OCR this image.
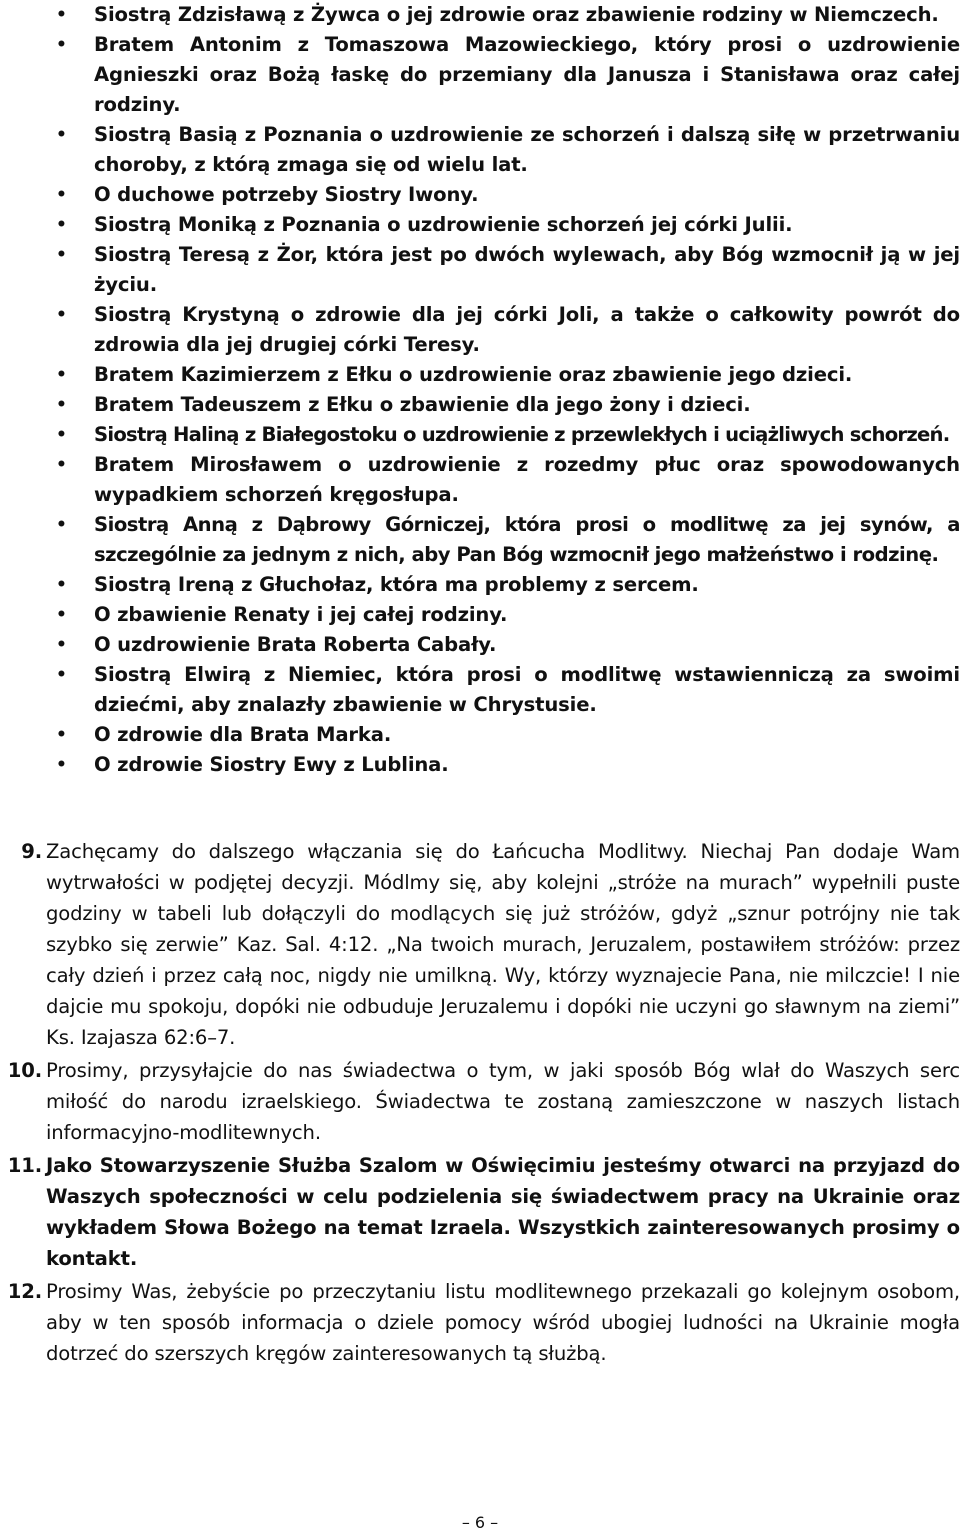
• Siostrą Zdzisławą z Żywca o jej zdrowie oraz zbawienie rodziny w Niemczech.
• Bratem Antonim z Tomaszowa Mazowieckiego, który prosi o uzdrowienie Agnieszki oraz Bożą łaskę do przemiany dla Janusza i Stanisława oraz całej rodziny.
• Siostrą Basią z Poznania o uzdrowienie ze schorzeń i dalszą siłę w przetrwaniu choroby, z którą zmaga się od wielu lat.
• O duchowe potrzeby Siostry Iwony.
• Siostrą Moniką z Poznania o uzdrowienie schorzeń jej córki Julii.
• Siostrą Teresą z Żor, która jest po dwóch wylewach, aby Bóg wzmocnił ją w jej życiu.
• Siostrą Krystyną o zdrowie dla jej córki Joli, a także o całkowity powrót do zdrowia dla jej drugiej córki Teresy.
• Bratem Kazimierzem z Ełku o uzdrowienie oraz zbawienie jego dzieci.
• Bratem Tadeuszem z Ełku o zbawienie dla jego żony i dzieci.
• Siostrą Haliną z Białegostoku o uzdrowienie z przewlekłych i uciążliwych schorzeń.
• Bratem Mirosławem o uzdrowienie z rozedmy płuc oraz spowodowanych wypadkiem schorzeń kręgosłupa.
• Siostrą Anną z Dąbrowy Górniczej, która prosi o modlitwę za jej synów, a szczególnie za jednym z nich, aby Pan Bóg wzmocnił jego małżeństwo i rodzinę.
• Siostrą Ireną z Głuchołaz, która ma problemy z sercem.
• O zbawienie Renaty i jej całej rodziny.
• O uzdrowienie Brata Roberta Cabały.
• Siostrą Elwirą z Niemiec, która prosi o modlitwę wstawienniczą za swoimi dziećmi, aby znalazły zbawienie w Chrystusie.
• O zdrowie dla Brata Marka.
• O zdrowie Siostry Ewy z Lublina.
9. Zachęcamy do dalszego włączania się do Łańcucha Modlitwy. Niechaj Pan dodaje Wam wytrwałości w podjętej decyzji. Módlmy się, aby kolejni „stróże na murach” wypełnili puste godziny w tabeli lub dołączyli do modlących się już stróżów, gdyż „sznur potrójny nie tak szybko się zerwie” Kaz. Sal. 4:12. „Na twoich murach, Jeruzalem, postawiłem stróżów: przez cały dzień i przez całą noc, nigdy nie umilkną. Wy, którzy wyznajecie Pana, nie milczcie! I nie dajcie mu spokoju, dopóki nie odbuduje Jeruzalemu i dopóki nie uczyni go sławnym na ziemi” Ks. Izajasza 62:6–7.
10. Prosimy, przysyłajcie do nas świadectwa o tym, w jaki sposób Bóg wlał do Waszych serc miłość do narodu izraelskiego. Świadectwa te zostaną zamieszczone w naszych listach informacyjno-modlitewnych.
11. Jako Stowarzyszenie Służba Szalom w Oświęcimiu jesteśmy otwarci na przyjazd do Waszych społeczności w celu podzielenia się świadectwem pracy na Ukrainie oraz wykładem Słowa Bożego na temat Izraela. Wszystkich zainteresowanych prosimy o kontakt.
12. Prosimy Was, żebyście po przeczytaniu listu modlitewnego przekazali go kolejnym osobom, aby w ten sposób informacja o dziele pomocy wśród ubogiej ludności na Ukrainie mogła dotrzeć do szerszych kręgów zainteresowanych tą służbą.
– 6 –
